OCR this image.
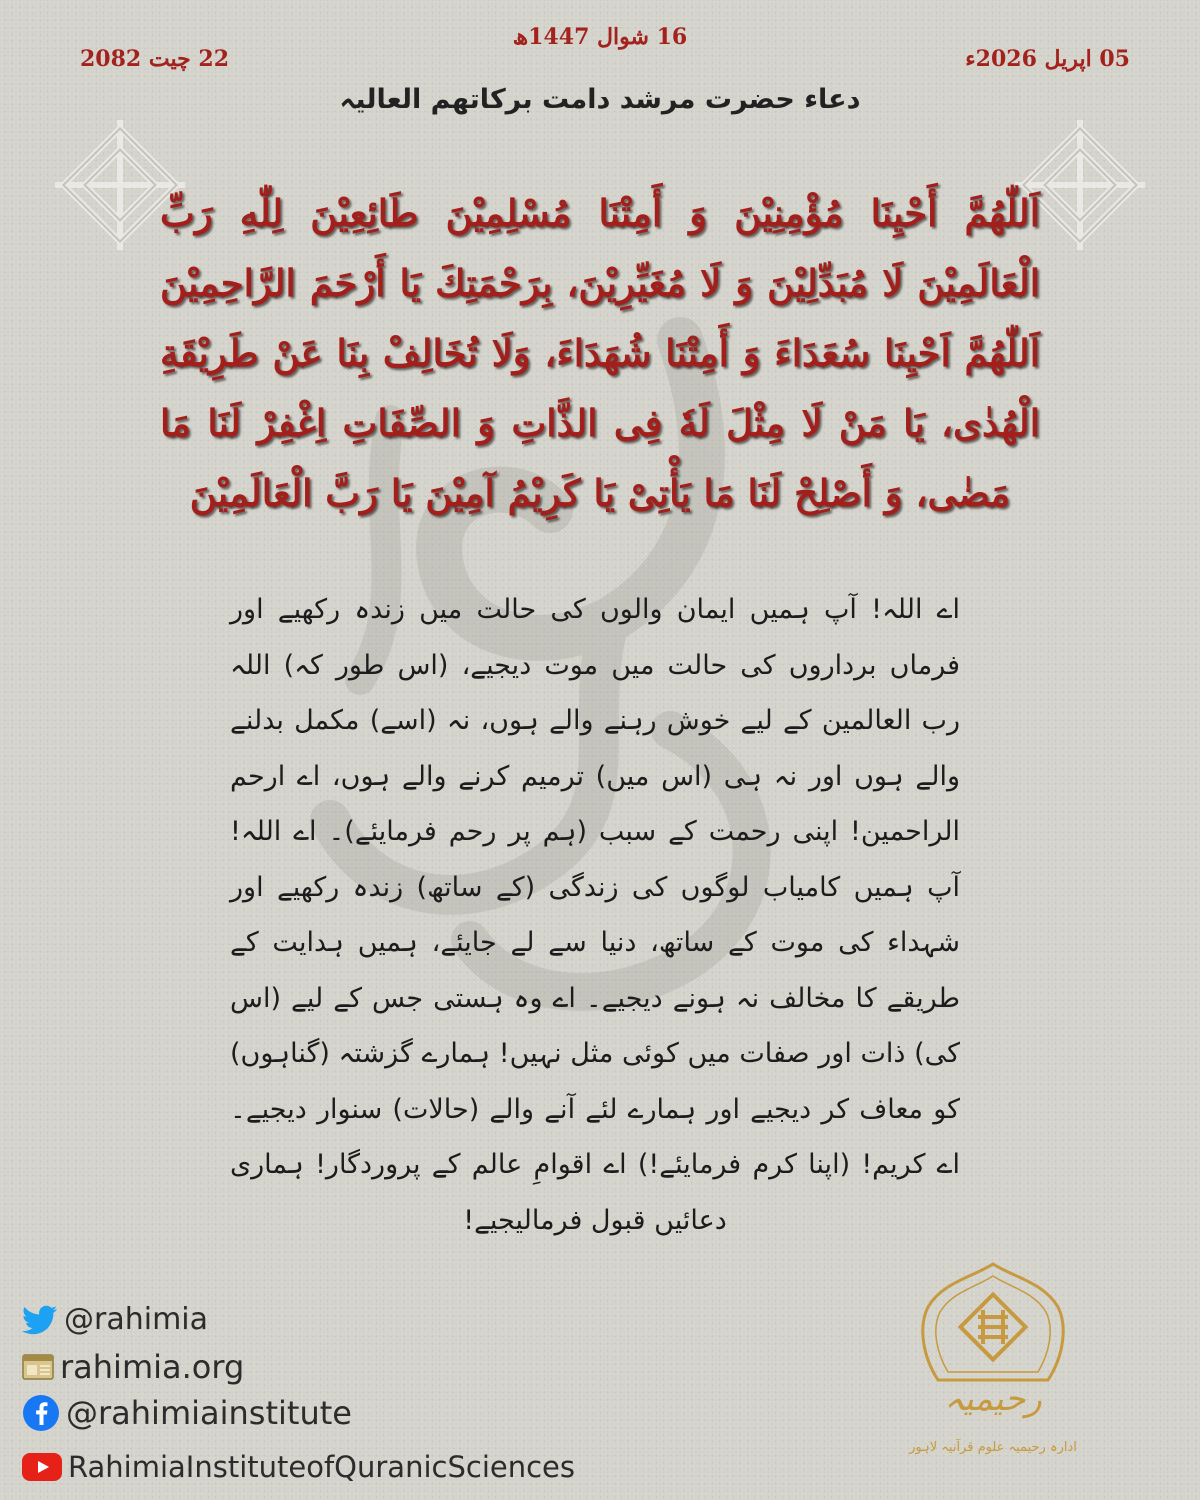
16 شوال 1447ھ
05 اپریل 2026ء
22 چیت 2082
دعاء حضرت مرشد دامت برکاتهم العالیہ
اَللّٰهُمَّ أَحْیِنَا مُؤْمِنِیْنَ وَ أَمِتْنَا مُسْلِمِیْنَ طَائِعِیْنَ لِلّٰهِ رَبِّ الْعَالَمِیْنَ لَا مُبَدِّلِیْنَ وَ لَا مُغَیِّرِیْنَ، بِرَحْمَتِكَ یَا أَرْحَمَ الرَّاحِمِیْنَ اَللّٰهُمَّ اَحْیِنَا سُعَدَاءَ وَ أَمِتْنَا شُهَدَاءَ، وَلَا تُخَالِفْ بِنَا عَنْ طَرِیْقَةِ الْهُدٰی، یَا مَنْ لَا مِثْلَ لَهٗ فِی الذَّاتِ وَ الصِّفَاتِ اِغْفِرْ لَنَا مَا مَضٰی، وَ أَصْلِحْ لَنَا مَا یَأْتِیْ یَا کَرِیْمُ آمِیْنَ یَا رَبَّ الْعَالَمِیْنَ
اے اللہ! آپ ہمیں ایمان والوں کی حالت میں زندہ رکھیے اور فرماں برداروں کی حالت میں موت دیجیے، (اس طور کہ) اللہ رب العالمین کے لیے خوش رہنے والے ہوں، نہ (اسے) مکمل بدلنے والے ہوں اور نہ ہی (اس میں) ترمیم کرنے والے ہوں، اے ارحم الراحمین! اپنی رحمت کے سبب (ہم پر رحم فرمایئے)۔ اے اللہ! آپ ہمیں کامیاب لوگوں کی زندگی (کے ساتھ) زندہ رکھیے اور شہداء کی موت کے ساتھ، دنیا سے لے جایئے، ہمیں ہدایت کے طریقے کا مخالف نہ ہونے دیجیے۔ اے وہ ہستی جس کے لیے (اس کی) ذات اور صفات میں کوئی مثل نہیں! ہمارے گزشتہ (گناہوں) کو معاف کر دیجیے اور ہمارے لئے آنے والے (حالات) سنوار دیجیے۔ اے کریم! (اپنا کرم فرمایئے!) اے اقوامِ عالم کے پروردگار! ہماری دعائیں قبول فرمالیجیے!
@rahimia
rahimia.org
@rahimiainstitute
RahimiaInstituteofQuranicSciences
رحیمیہ
ادارہ رحیمیہ علوم قرآنیہ لاہور
